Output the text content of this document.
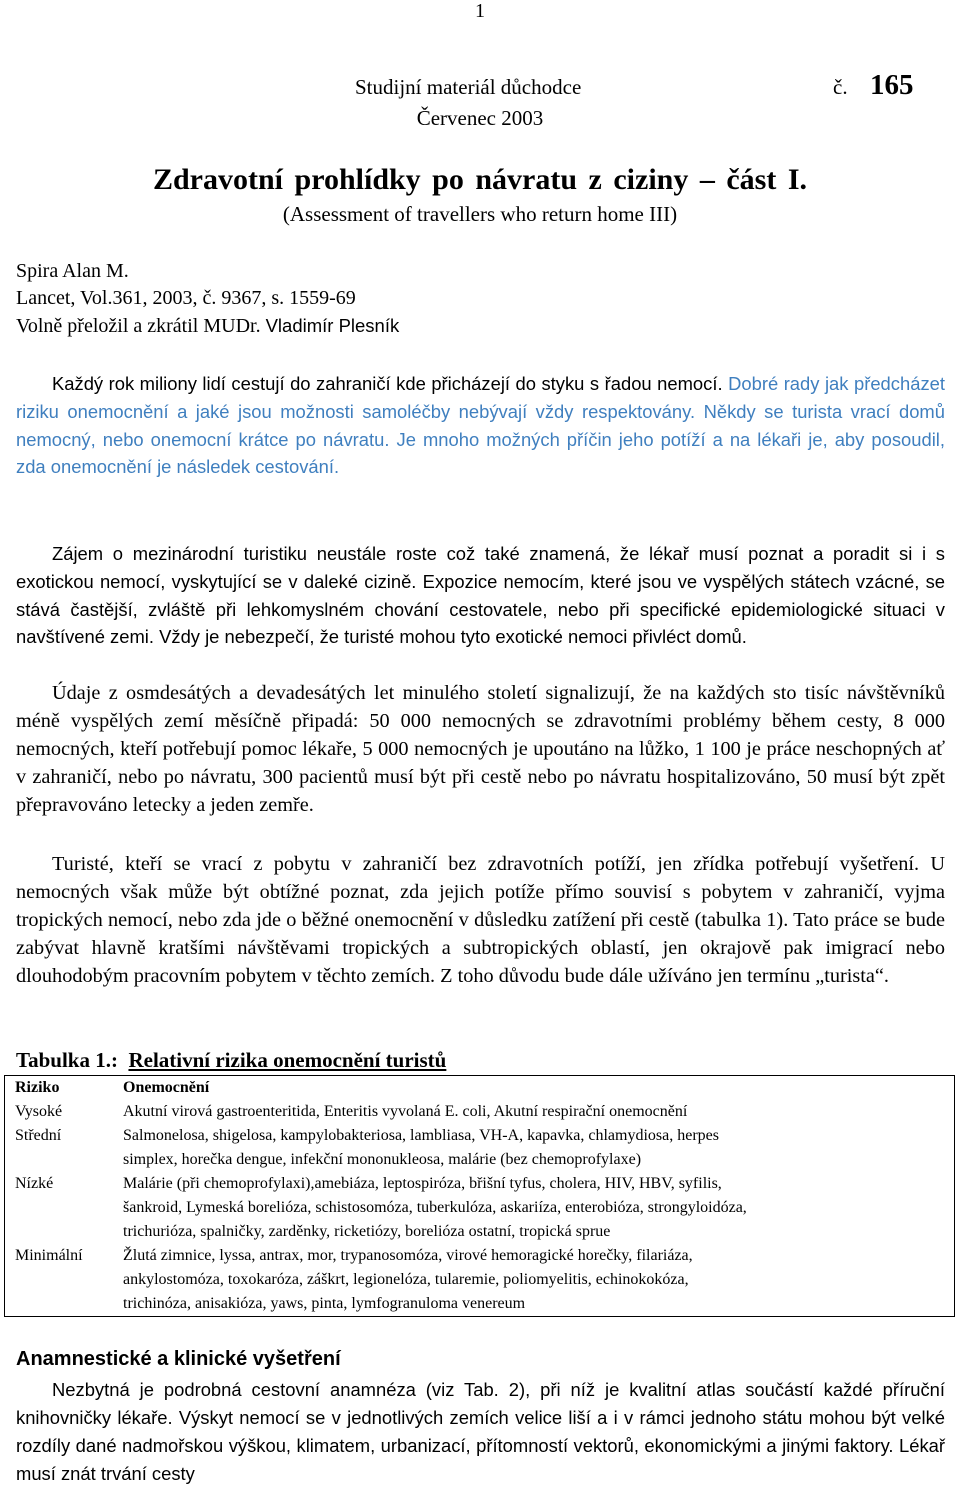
1
Studijní materiál důchodce	č. 165
Červenec 2003
Zdravotní prohlídky po návratu z ciziny – část I.
(Assessment of travellers who return home III)
Spira Alan M.
Lancet, Vol.361, 2003, č. 9367, s. 1559-69
Volně přeložil a zkrátil MUDr. Vladimír Plesník

Každý rok miliony lidí cestují do zahraničí kde přicházejí do styku s řadou nemocí. Dobré rady jak předcházet riziku onemocnění a jaké jsou možnosti samoléčby nebývají vždy respektovány. Někdy se turista vrací domů nemocný, nebo onemocní krátce po návratu. Je mnoho možných příčin jeho potíží a na lékaři je, aby posoudil, zda onemocnění je následek cestování.

Zájem o mezinárodní turistiku neustále roste což také znamená, že lékař musí poznat a poradit si i s exotickou nemocí, vyskytující se v daleké cizině. Expozice nemocím, které jsou ve vyspělých státech vzácné, se stává častější, zvláště při lehkomyslném chování cestovatele, nebo při specifické epidemiologické situaci v navštívené zemi. Vždy je nebezpečí, že turisté mohou tyto exotické nemoci přivléct domů.

Údaje z osmdesátých a devadesátých let minulého století signalizují, že na každých sto tisíc návštěvníků méně vyspělých zemí měsíčně připadá: 50 000 nemocných se zdravotními problémy během cesty, 8 000 nemocných, kteří potřebují pomoc lékaře, 5 000 nemocných je upoutáno na lůžko, 1 100 je práce neschopných ať v zahraničí, nebo po návratu, 300 pacientů musí být při cestě nebo po návratu hospitalizováno, 50 musí být zpět přepravováno letecky a jeden zemře.

Turisté, kteří se vrací z pobytu v zahraničí bez zdravotních potíží, jen zřídka potřebují vyšetření. U nemocných však může být obtížné poznat, zda jejich potíže přímo souvisí s pobytem v zahraničí, vyjma tropických nemocí, nebo zda jde o běžné onemocnění v důsledku zatížení při cestě (tabulka 1). Tato práce se bude zabývat hlavně kratšími návštěvami tropických a subtropických oblastí, jen okrajově pak imigrací nebo dlouhodobým pracovním pobytem v těchto zemích. Z toho důvodu bude dále užíváno jen termínu „turista“.

Tabulka 1.: Relativní rizika onemocnění turistů
Riziko	Onemocnění
Vysoké	Akutní virová gastroenteritida, Enteritis vyvolaná E. coli, Akutní respirační onemocnění

Střední	Salmonelosa, shigelosa, kampylobakteriosa, lambliasa, VH-A, kapavka, chlamydiosa, herpes
simplex, horečka dengue, infekční mononukleosa, malárie (bez chemoprofylaxe)

Nízké	Malárie (při chemoprofylaxi),amebiáza, leptospiróza, břišní tyfus, cholera, HIV, HBV, syfilis,
šankroid, Lymeská borelióza, schistosomóza, tuberkulóza, askariíza, enterobióza, strongyloidóza,
trichurióza, spalničky, zarděnky, ricketiózy, borelióza ostatní, tropická sprue

Minimální	Žlutá zimnice, lyssa, antrax, mor, trypanosomóza, virové hemoragické horečky, filariáza,
ankylostomóza, toxokaróza, záškrt, legionelóza, tularemie, poliomyelitis, echinokokóza,
trichinóza, anisakióza, yaws, pinta, lymfogranuloma venereum
Anamnestické a klinické vyšetření

Nezbytná je podrobná cestovní anamnéza (viz Tab. 2), při níž je kvalitní atlas součástí každé příruční knihovničky lékaře. Výskyt nemocí se v jednotlivých zemích velice liší a i v rámci jednoho státu mohou být velké rozdíly dané nadmořskou výškou, klimatem, urbanizací, přítomností vektorů, ekonomickými a jinými faktory. Lékař musí znát trvání cesty
